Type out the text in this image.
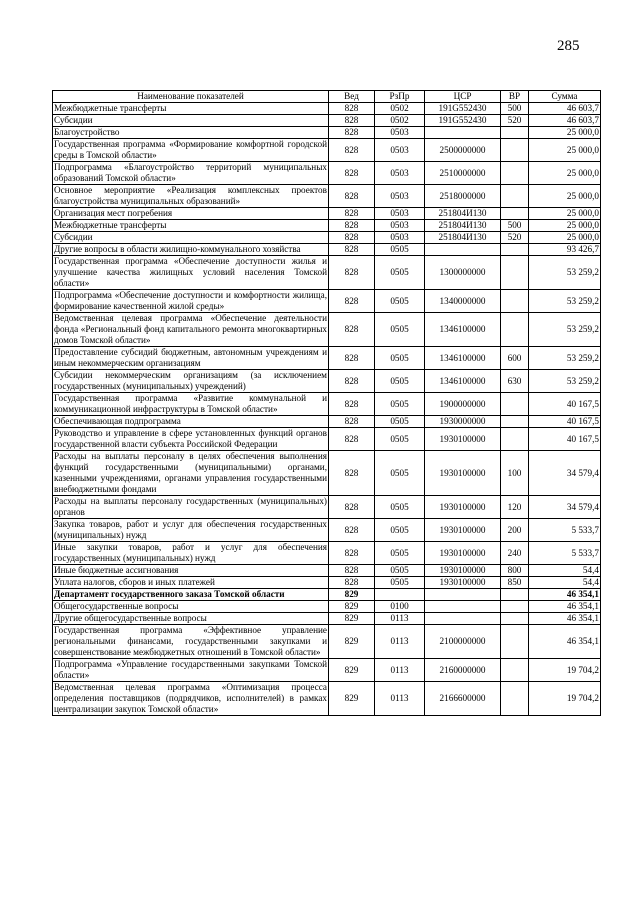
285
Наименование показателей	Вед	РзПр	ЦСР	ВР	Сумма
Межбюджетные трансферты	828	0502	191G552430	500	46 603,7
Субсидии	828	0502	191G552430	520	46 603,7
Благоустройство	828	0503			25 000,0
Государственная программа «Формирование комфортной городской среды в Томской области»	828	0503	2500000000		25 000,0
Подпрограмма «Благоустройство территорий муниципальных образований Томской области»	828	0503	2510000000		25 000,0
Основное мероприятие «Реализация комплексных проектов благоустройства муниципальных образований»	828	0503	2518000000		25 000,0
Организация мест погребения	828	0503	251804И130		25 000,0
Межбюджетные трансферты	828	0503	251804И130	500	25 000,0
Субсидии	828	0503	251804И130	520	25 000,0
Другие вопросы в области жилищно-коммунального хозяйства	828	0505			93 426,7
Государственная программа «Обеспечение доступности жилья и улучшение качества жилищных условий населения Томской области»	828	0505	1300000000		53 259,2
Подпрограмма «Обеспечение доступности и комфортности жилища, формирование качественной жилой среды»	828	0505	1340000000		53 259,2
Ведомственная целевая программа «Обеспечение деятельности фонда «Региональный фонд капитального ремонта многоквартирных домов Томской области»	828	0505	1346100000		53 259,2
Предоставление субсидий бюджетным, автономным учреждениям и иным некоммерческим организациям	828	0505	1346100000	600	53 259,2
Субсидии некоммерческим организациям (за исключением государственных (муниципальных) учреждений)	828	0505	1346100000	630	53 259,2
Государственная программа «Развитие коммунальной и коммуникационной инфраструктуры в Томской области»	828	0505	1900000000		40 167,5
Обеспечивающая подпрограмма	828	0505	1930000000		40 167,5
Руководство и управление в сфере установленных функций органов государственной власти субъекта Российской Федерации	828	0505	1930100000		40 167,5
Расходы на выплаты персоналу в целях обеспечения выполнения функций государственными (муниципальными) органами, казенными учреждениями, органами управления государственными внебюджетными фондами	828	0505	1930100000	100	34 579,4
Расходы на выплаты персоналу государственных (муниципальных) органов	828	0505	1930100000	120	34 579,4
Закупка товаров, работ и услуг для обеспечения государственных (муниципальных) нужд	828	0505	1930100000	200	5 533,7
Иные закупки товаров, работ и услуг для обеспечения государственных (муниципальных) нужд	828	0505	1930100000	240	5 533,7
Иные бюджетные ассигнования	828	0505	1930100000	800	54,4
Уплата налогов, сборов и иных платежей	828	0505	1930100000	850	54,4
Департамент государственного заказа Томской области	829				46 354,1
Общегосударственные вопросы	829	0100			46 354,1
Другие общегосударственные вопросы	829	0113			46 354,1
Государственная программа «Эффективное управление региональными финансами, государственными закупками и совершенствование межбюджетных отношений в Томской области»	829	0113	2100000000		46 354,1
Подпрограмма «Управление государственными закупками Томской области»	829	0113	2160000000		19 704,2
Ведомственная целевая программа «Оптимизация процесса определения поставщиков (подрядчиков, исполнителей) в рамках централизации закупок Томской области»	829	0113	2166600000		19 704,2
